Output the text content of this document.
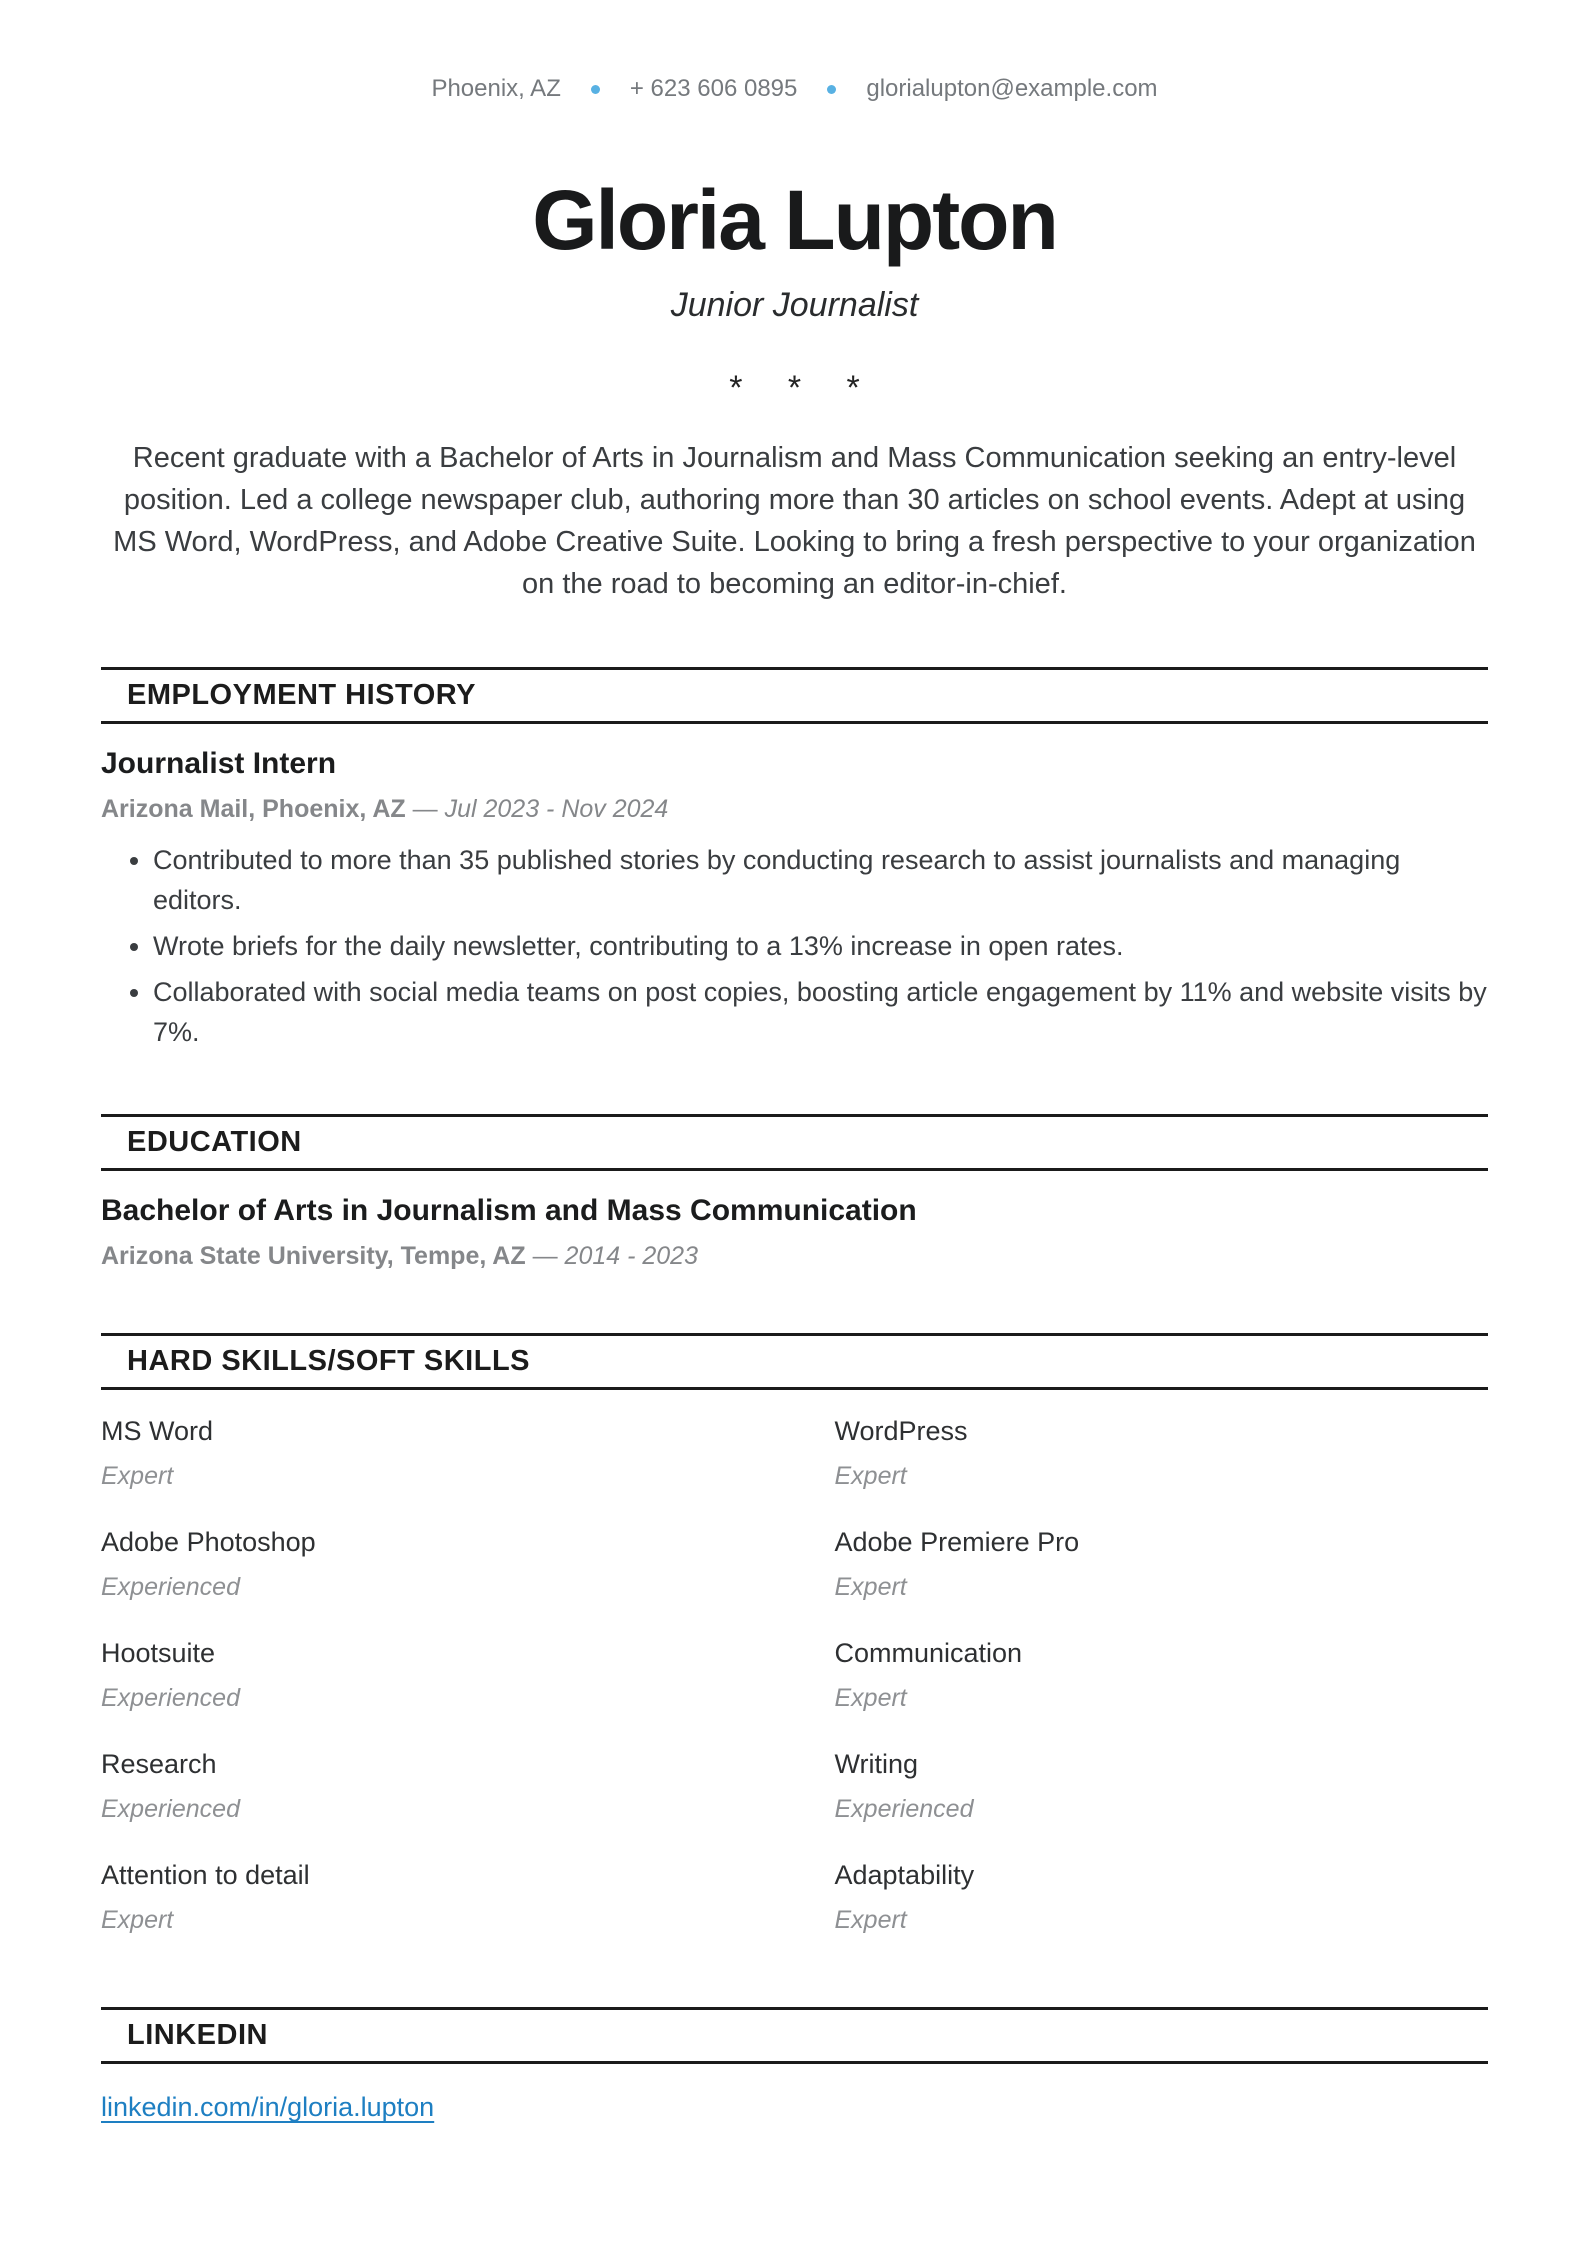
Phoenix, AZ	+ 623 606 0895	glorialupton@example.com
Gloria Lupton
Junior Journalist
* * *
Recent graduate with a Bachelor of Arts in Journalism and Mass Communication seeking an entry-level position. Led a college newspaper club, authoring more than 30 articles on school events. Adept at using MS Word, WordPress, and Adobe Creative Suite. Looking to bring a fresh perspective to your organization on the road to becoming an editor-in-chief.
EMPLOYMENT HISTORY
Journalist Intern
Arizona Mail, Phoenix, AZ — Jul 2023 - Nov 2024
• Contributed to more than 35 published stories by conducting research to assist journalists and managing editors.
• Wrote briefs for the daily newsletter, contributing to a 13% increase in open rates.
• Collaborated with social media teams on post copies, boosting article engagement by 11% and website visits by 7%.
EDUCATION
Bachelor of Arts in Journalism and Mass Communication
Arizona State University, Tempe, AZ — 2014 - 2023
HARD SKILLS/SOFT SKILLS
MS Word
Expert
WordPress
Expert
Adobe Photoshop
Experienced
Adobe Premiere Pro
Expert
Hootsuite
Experienced
Communication
Expert
Research
Experienced
Writing
Experienced
Attention to detail
Expert
Adaptability
Expert
LINKEDIN
linkedin.com/in/gloria.lupton
